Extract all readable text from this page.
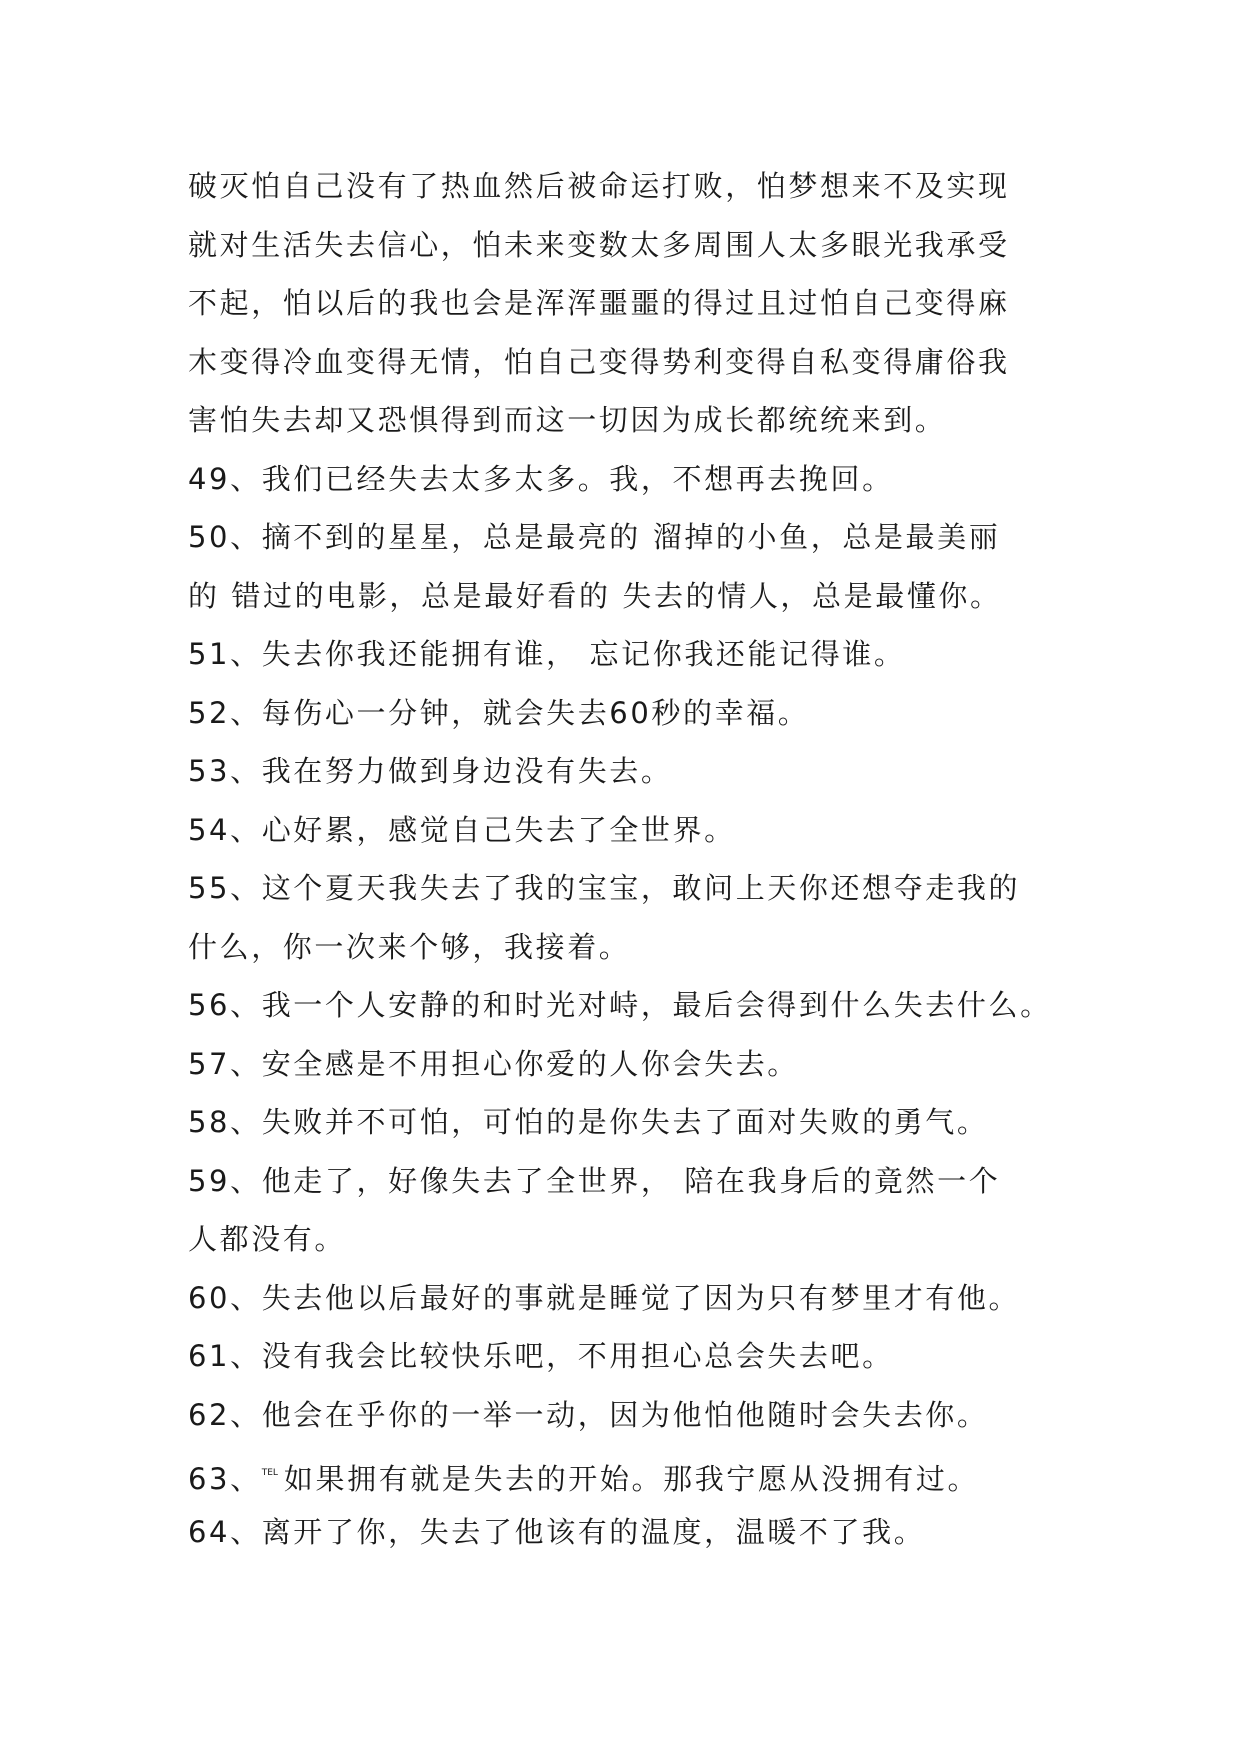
破灭怕自己没有了热血然后被命运打败，怕梦想来不及实现
就对生活失去信心，怕未来变数太多周围人太多眼光我承受
不起，怕以后的我也会是浑浑噩噩的得过且过怕自己变得麻
木变得冷血变得无情，怕自己变得势利变得自私变得庸俗我
害怕失去却又恐惧得到而这一切因为成长都统统来到。
49、我们已经失去太多太多。我，不想再去挽回。
50、摘不到的星星，总是最亮的 溜掉的小鱼，总是最美丽
的 错过的电影，总是最好看的 失去的情人，总是最懂你。
51、失去你我还能拥有谁， 忘记你我还能记得谁。
52、每伤心一分钟，就会失去60秒的幸福。
53、我在努力做到身边没有失去。
54、心好累，感觉自己失去了全世界。
55、这个夏天我失去了我的宝宝，敢问上天你还想夺走我的
什么，你一次来个够，我接着。
56、我一个人安静的和时光对峙，最后会得到什么失去什么。
57、安全感是不用担心你爱的人你会失去。
58、失败并不可怕，可怕的是你失去了面对失败的勇气。
59、他走了，好像失去了全世界， 陪在我身后的竟然一个
人都没有。
60、失去他以后最好的事就是睡觉了因为只有梦里才有他。
61、没有我会比较快乐吧，不用担心总会失去吧。
62、他会在乎你的一举一动，因为他怕他随时会失去你。
63、$^{TEL}$ 如果拥有就是失去的开始。那我宁愿从没拥有过。
64、离开了你，失去了他该有的温度，温暖不了我。
